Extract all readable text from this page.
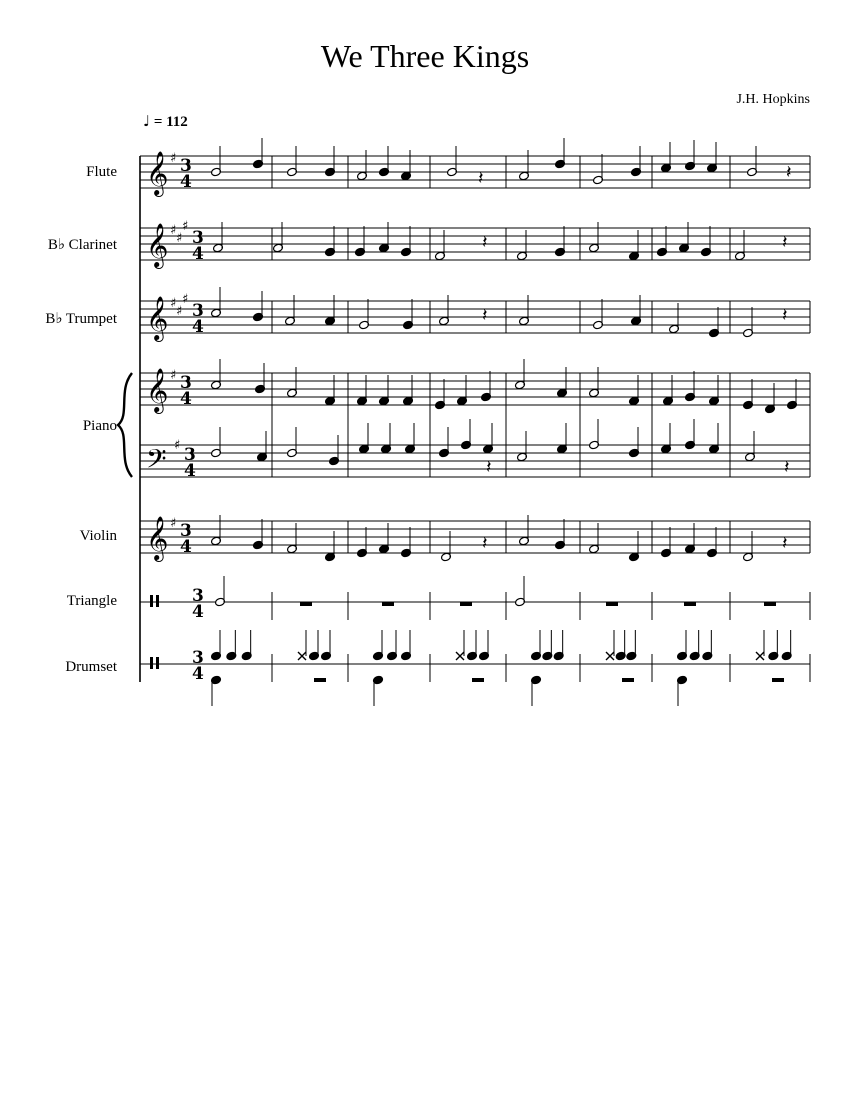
We Three Kings
J.H. Hopkins
♩ = 112
Flute
B♭ Clarinet
B♭ Trumpet
Piano
Violin
Triangle
Drumset
𝄞 ♯ 3
4
𝄞 ♯
♯
♯
3
4
𝄞 ♯
♯
♯
3
4
𝄞 ♯ 3
4
𝄞 ♯ 3
4
𝄢 ♯ 3
4
3
4
3
4
𝄽	𝄽
𝄽	𝄽
𝄽	𝄽
𝄽	𝄽
𝄽	𝄽
